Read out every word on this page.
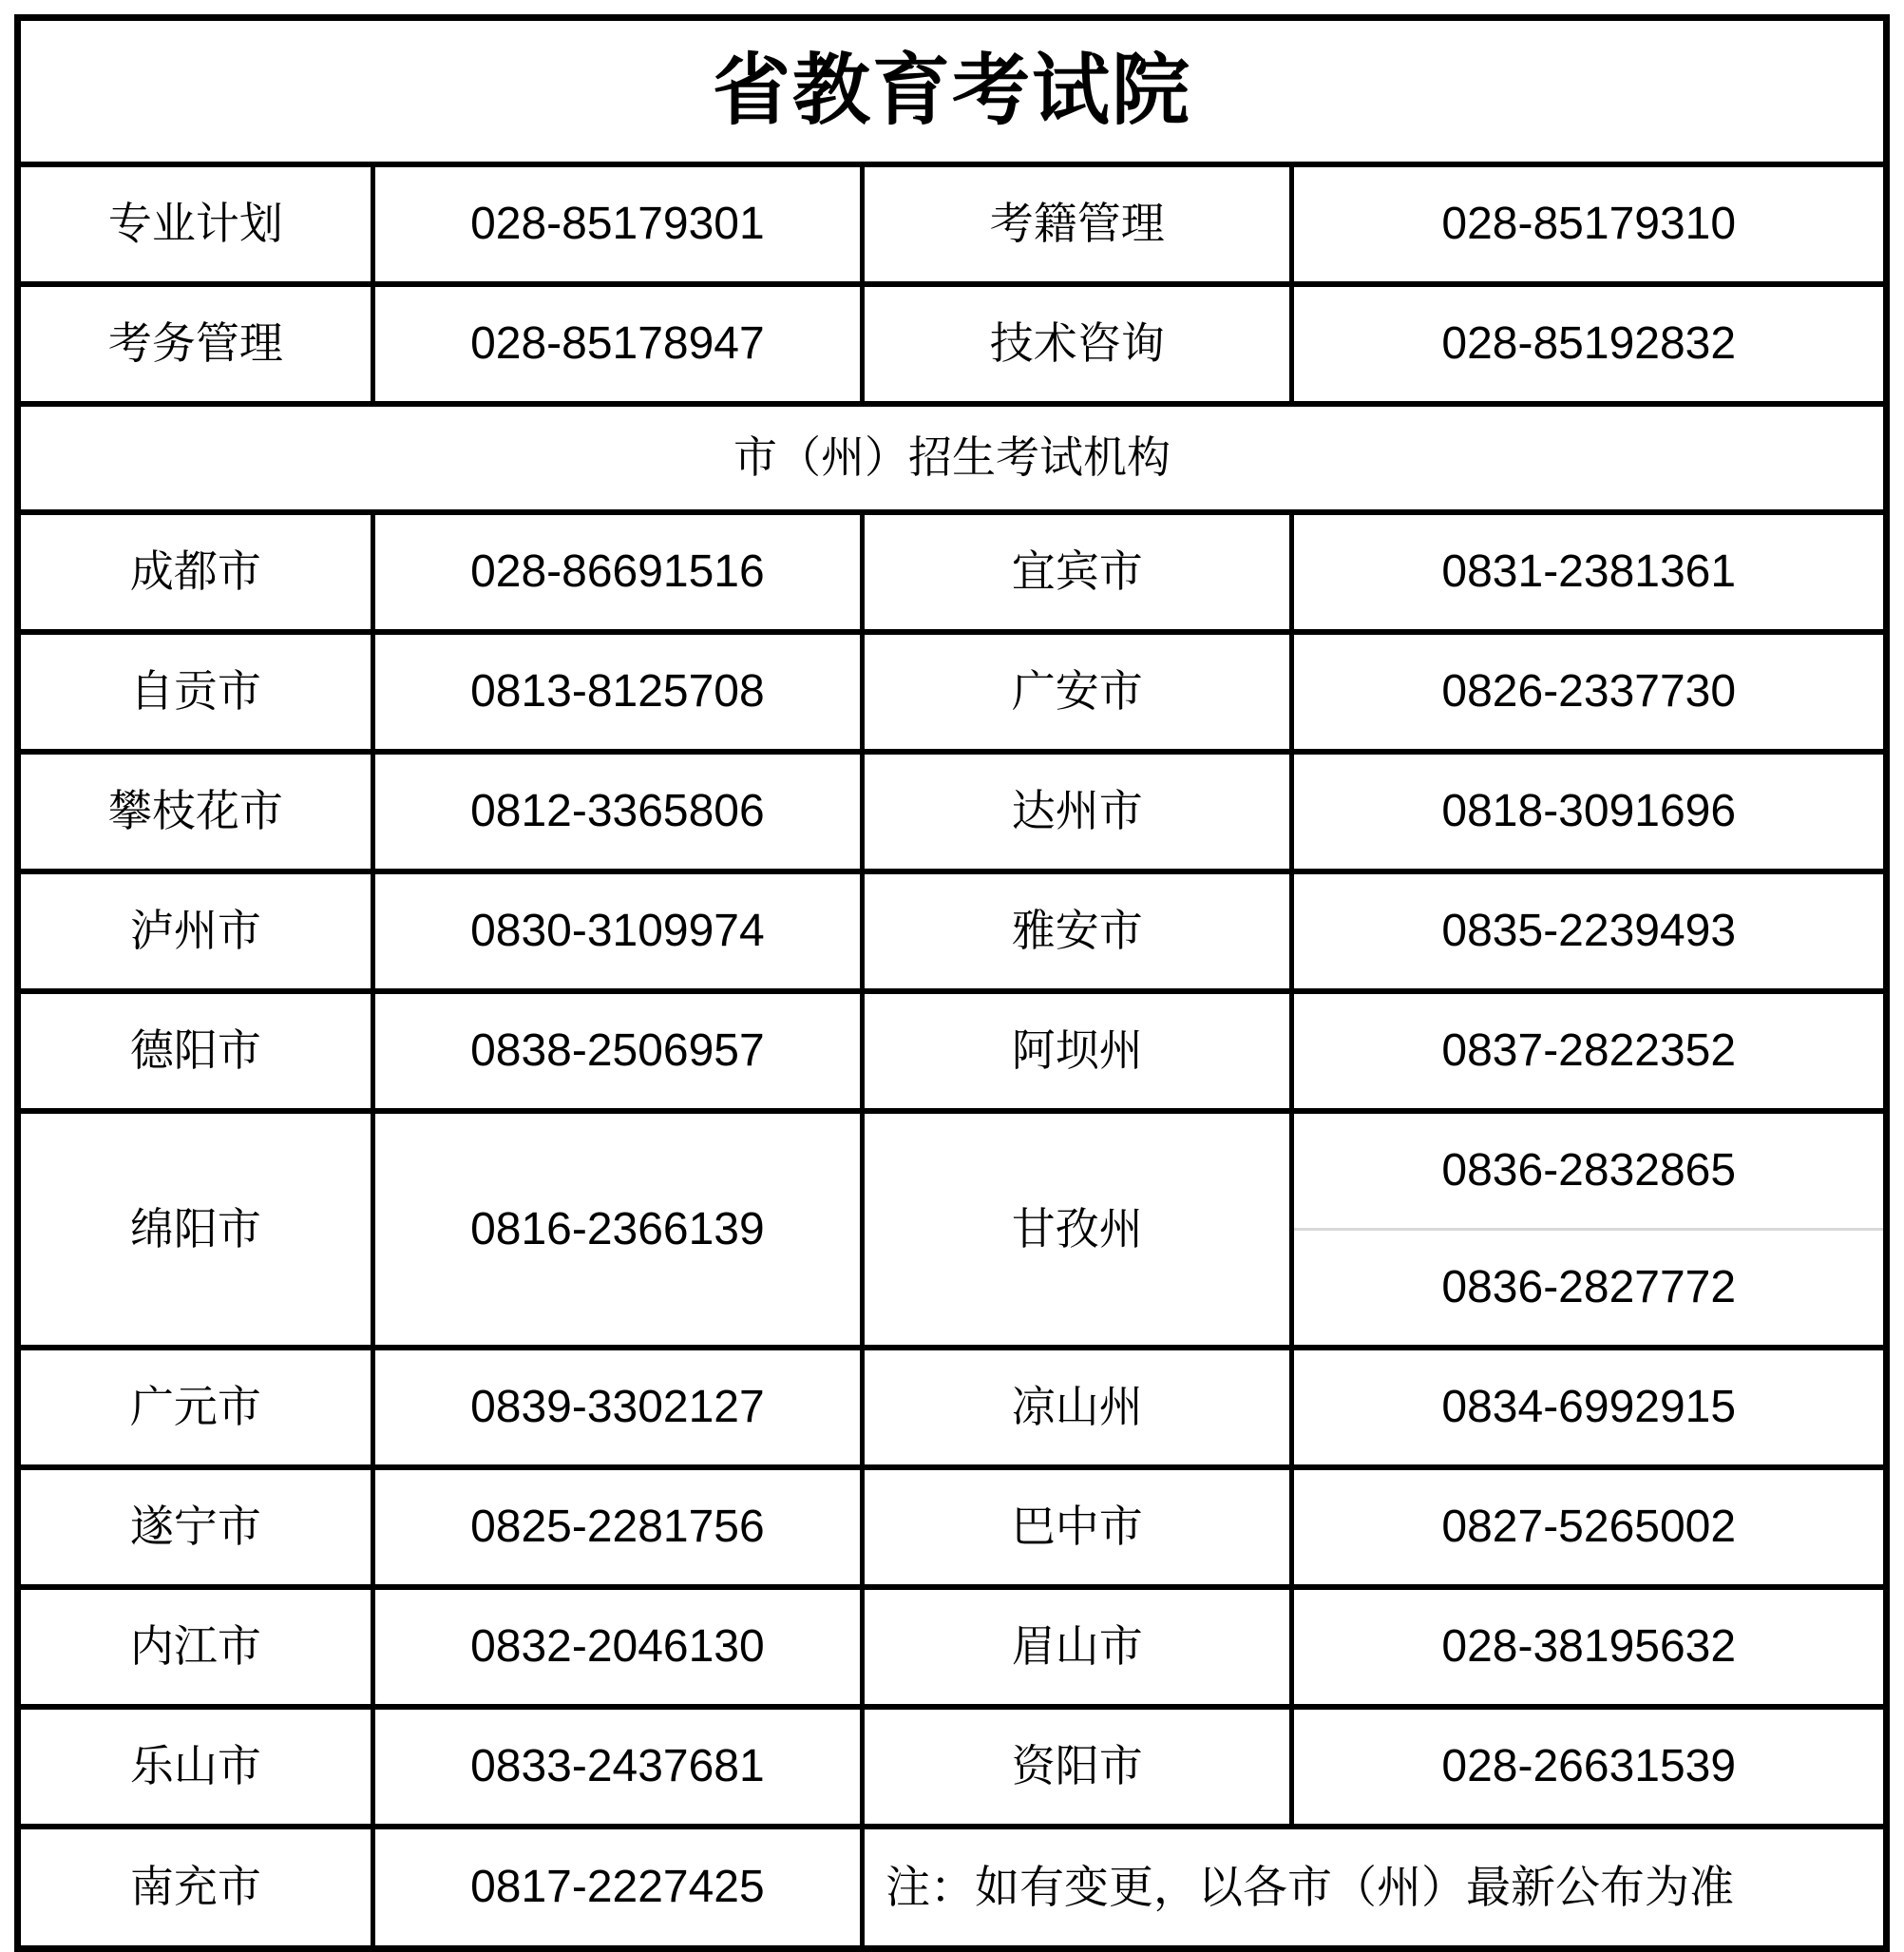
省教育考试院			
专业计划	028-85179301	考籍管理	028-85179310
考务管理	028-85178947	技术咨询	028-85192832
市（州）招生考试机构			
成都市	028-86691516	宜宾市	0831-2381361
自贡市	0813-8125708	广安市	0826-2337730
攀枝花市	0812-3365806	达州市	0818-3091696
泸州市	0830-3109974	雅安市	0835-2239493
德阳市	0838-2506957	阿坝州	0837-2822352
绵阳市	0816-2366139	甘孜州	0836-2832865
			0836-2827772
广元市	0839-3302127	凉山州	0834-6992915
遂宁市	0825-2281756	巴中市	0827-5265002
内江市	0832-2046130	眉山市	028-38195632
乐山市	0833-2437681	资阳市	028-26631539
南充市	0817-2227425	注：如有变更，以各市（州）最新公布为准	
